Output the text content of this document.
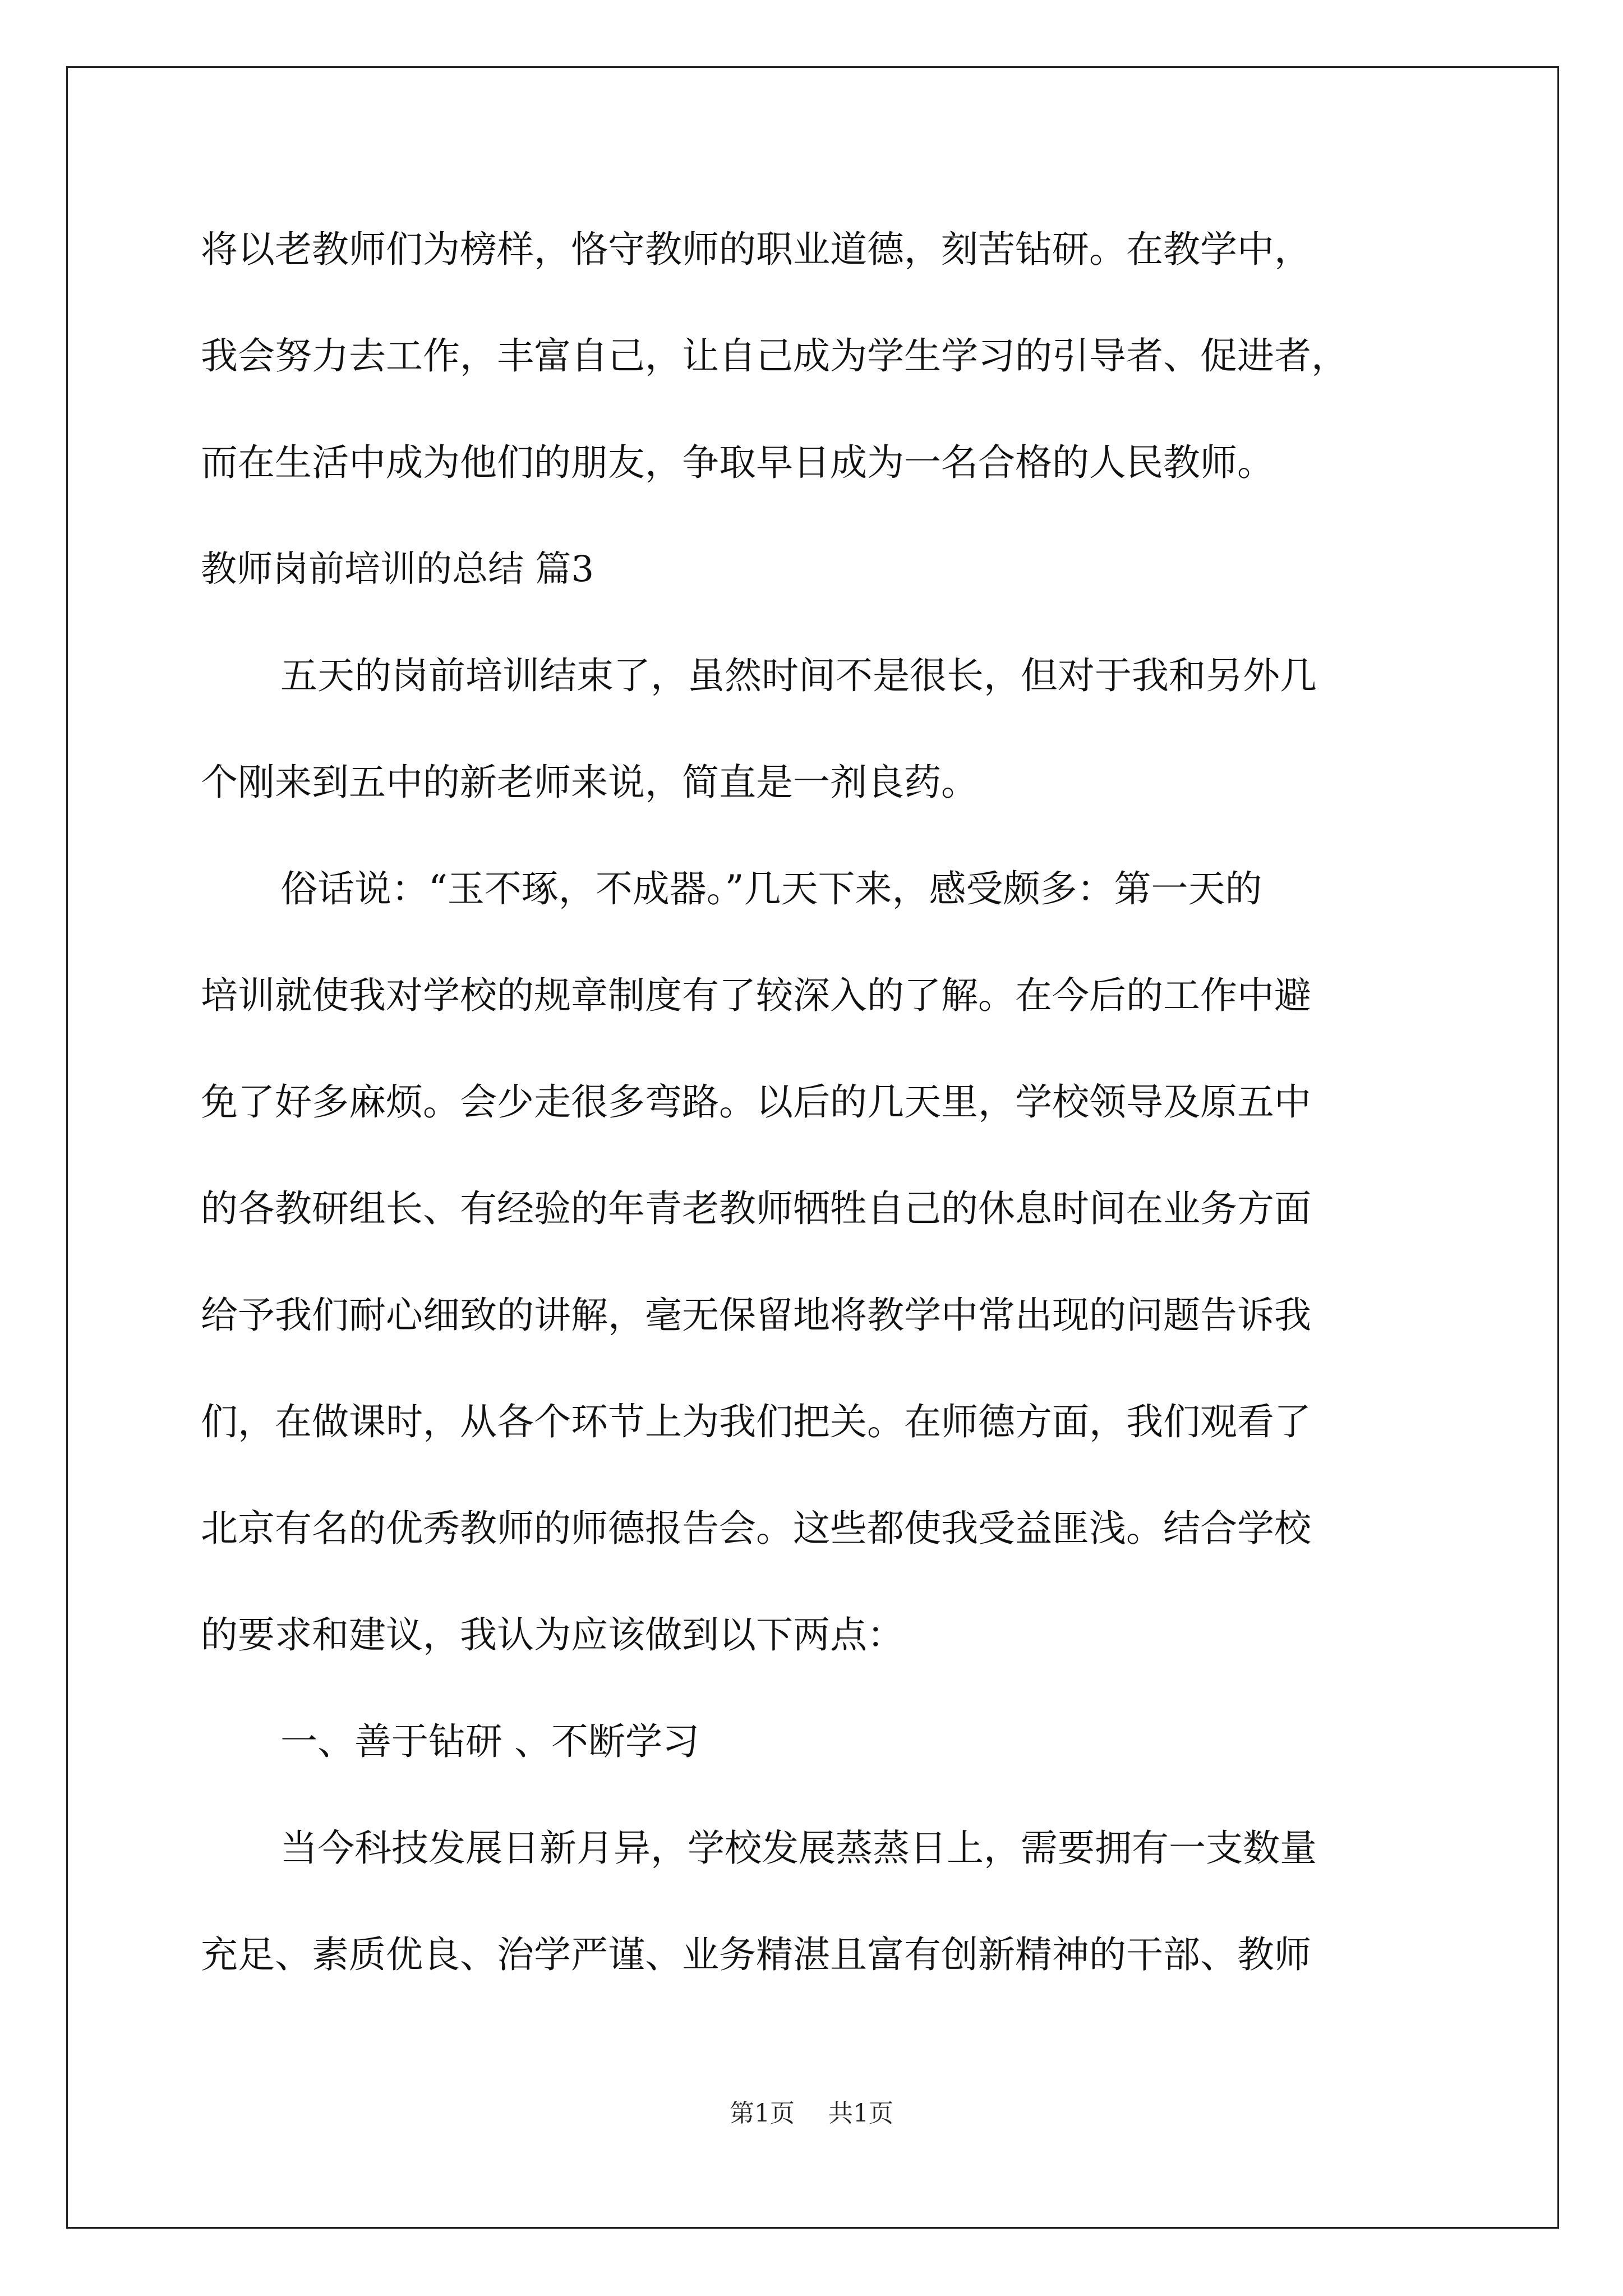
将以老教师们为榜样，恪守教师的职业道德，刻苦钻研。在教学中，

我会努力去工作，丰富自己，让自己成为学生学习的引导者、促进者，

而在生活中成为他们的朋友，争取早日成为一名合格的人民教师。

教师岗前培训的总结 篇3

五天的岗前培训结束了，虽然时间不是很长，但对于我和另外几

个刚来到五中的新老师来说，简直是一剂良药。

俗话说：“玉不琢，不成器。”几天下来，感受颇多：第一天的

培训就使我对学校的规章制度有了较深入的了解。在今后的工作中避

免了好多麻烦。会少走很多弯路。以后的几天里，学校领导及原五中

的各教研组长、有经验的年青老教师牺牲自己的休息时间在业务方面

给予我们耐心细致的讲解，毫无保留地将教学中常出现的问题告诉我

们，在做课时，从各个环节上为我们把关。在师德方面，我们观看了

北京有名的优秀教师的师德报告会。这些都使我受益匪浅。结合学校

的要求和建议，我认为应该做到以下两点：

一、善于钻研 、不断学习

当今科技发展日新月异，学校发展蒸蒸日上，需要拥有一支数量

充足、素质优良、治学严谨、业务精湛且富有创新精神的干部、教师

第1页 共1页
